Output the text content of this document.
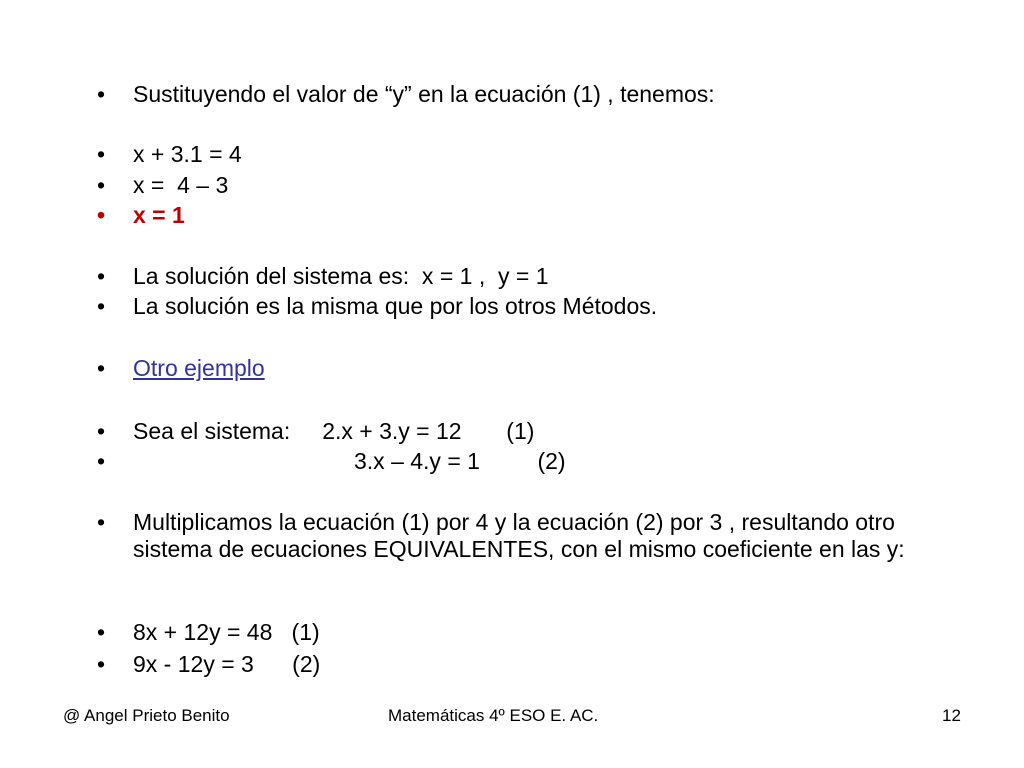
• Sustituyendo el valor de “y” en la ecuación (1) , tenemos:
• x + 3.1 = 4
• x =  4 – 3
• x = 1
• La solución del sistema es:  x = 1 ,  y = 1
• La solución es la misma que por los otros Métodos.
• Otro ejemplo
• Sea el sistema:     2.x + 3.y = 12       (1)
•	3.x – 4.y = 1         (2)
• Multiplicamos la ecuación (1) por 4 y la ecuación (2) por 3 , resultando otro sistema de ecuaciones EQUIVALENTES, con el mismo coeficiente en las y:
• 8x + 12y = 48   (1)
• 9x - 12y = 3      (2)
@ Angel Prieto Benito	Matemáticas 4º ESO E. AC.	12
